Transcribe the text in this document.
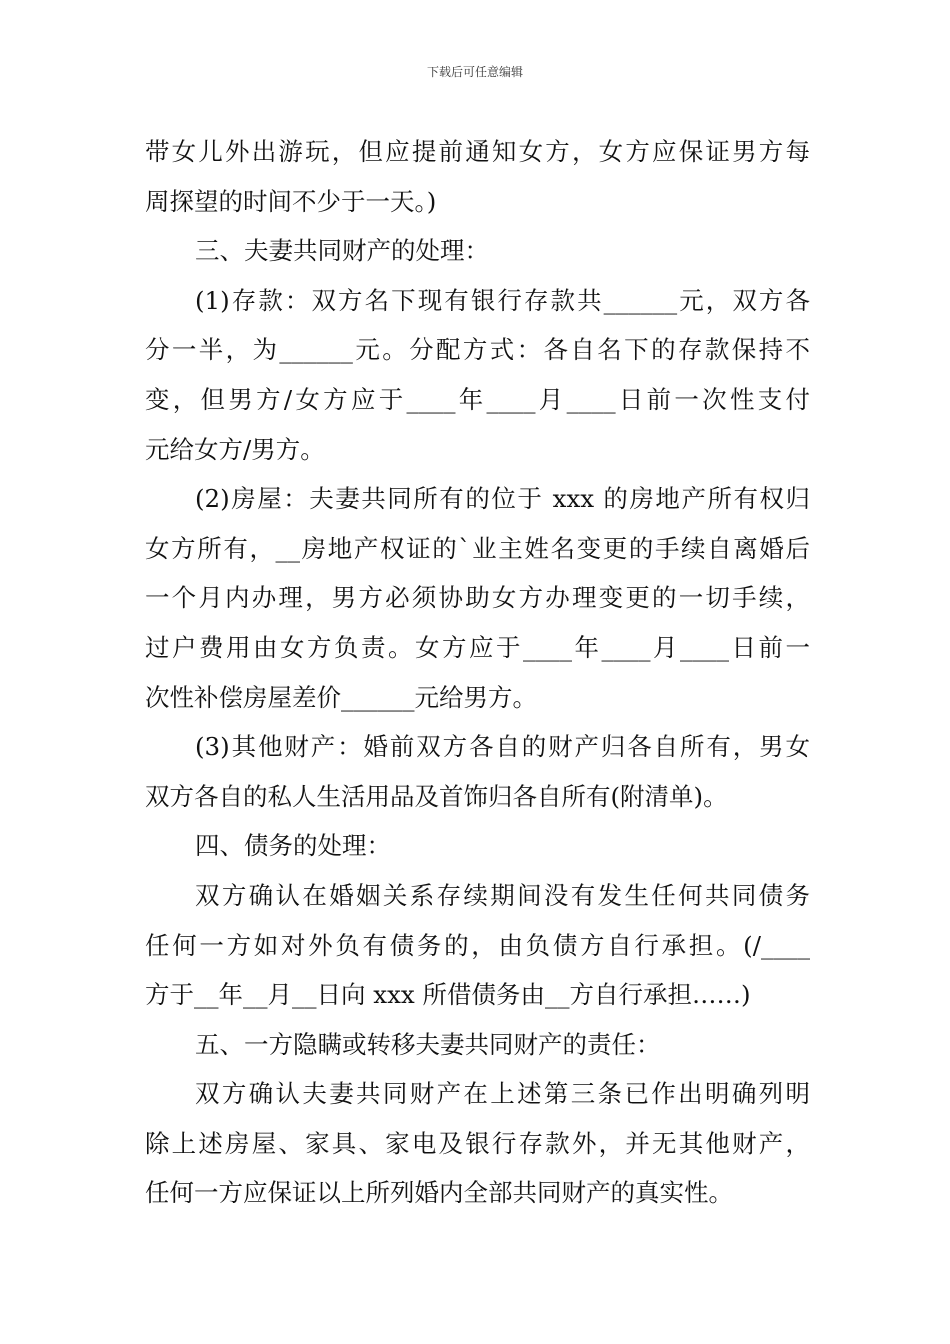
下载后可任意编辑
带女儿外出游玩，但应提前通知女方，女方应保证男方每
周探望的时间不少于一天。)
三、夫妻共同财产的处理：
(1)存款：双方名下现有银行存款共______元，双方各
分一半，为______元。分配方式：各自名下的存款保持不
变，但男方/女方应于____年____月____日前一次性支付
元给女方/男方。
(2)房屋：夫妻共同所有的位于 xxx 的房地产所有权归
女方所有，__房地产权证的`业主姓名变更的手续自离婚后
一个月内办理，男方必须协助女方办理变更的一切手续，
过户费用由女方负责。女方应于____年____月____日前一
次性补偿房屋差价______元给男方。
(3)其他财产：婚前双方各自的财产归各自所有，男女
双方各自的私人生活用品及首饰归各自所有(附清单)。
四、债务的处理：
双方确认在婚姻关系存续期间没有发生任何共同债务
任何一方如对外负有债务的，由负债方自行承担。(/____
方于__年__月__日向 xxx 所借债务由__方自行承担……)
五、一方隐瞒或转移夫妻共同财产的责任：
双方确认夫妻共同财产在上述第三条已作出明确列明
除上述房屋、家具、家电及银行存款外，并无其他财产，
任何一方应保证以上所列婚内全部共同财产的真实性。
